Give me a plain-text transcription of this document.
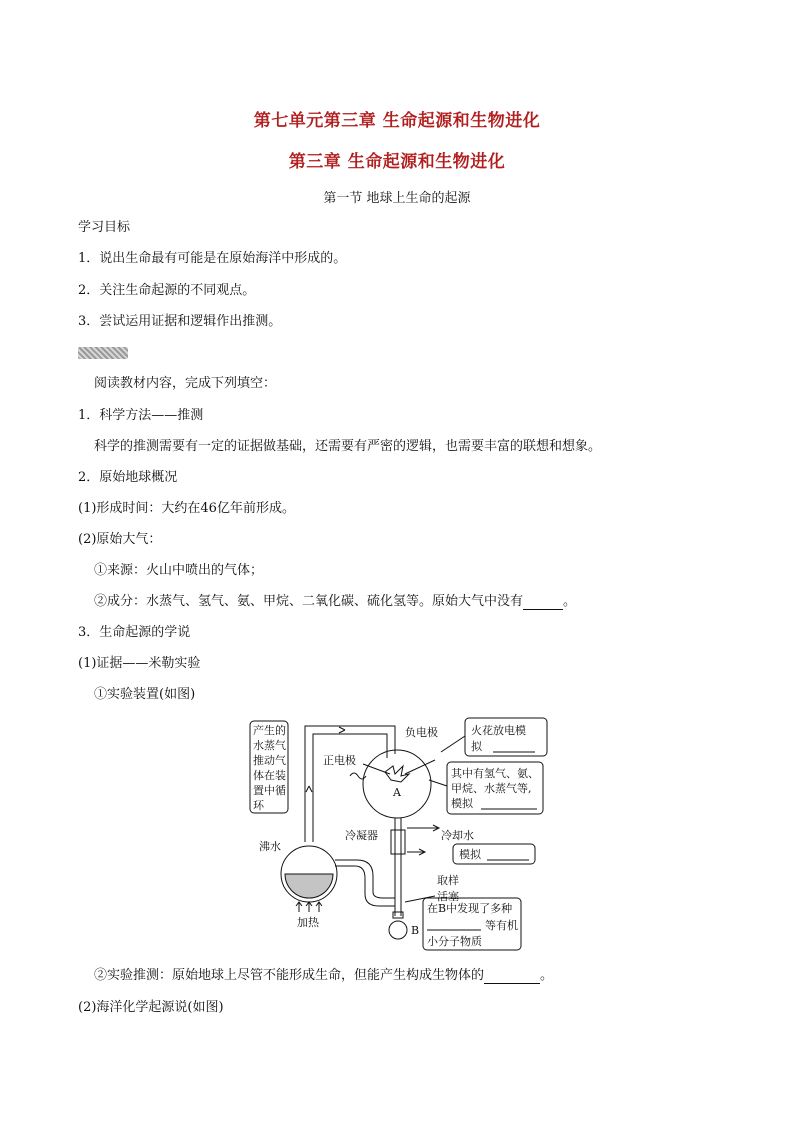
第七单元第三章 生命起源和生物进化
第三章 生命起源和生物进化
第一节 地球上生命的起源
学习目标
1．说出生命最有可能是在原始海洋中形成的。
2．关注生命起源的不同观点。
3．尝试运用证据和逻辑作出推测。
阅读教材内容，完成下列填空：
1．科学方法——推测
科学的推测需要有一定的证据做基础，还需要有严密的逻辑，也需要丰富的联想和想象。
2．原始地球概况
(1)形成时间：大约在46亿年前形成。
(2)原始大气：
①来源：火山中喷出的气体；
②成分：水蒸气、氢气、氨、甲烷、二氧化碳、硫化氢等。原始大气中没有	。
3．生命起源的学说
(1)证据——米勒实验
①实验装置(如图)
产生的
水蒸气
推动气
体在装
置中循
环
A
负电极
正电极
火花放电模
拟
其中有氢气、氨、
甲烷、水蒸气等,
模拟
冷凝器	冷却水
模拟
沸水
加热
取样
活塞
B
在B中发现了多种
等有机
小分子物质
②实验推测：原始地球上尽管不能形成生命，但能产生构成生物体的	。
(2)海洋化学起源说(如图)
